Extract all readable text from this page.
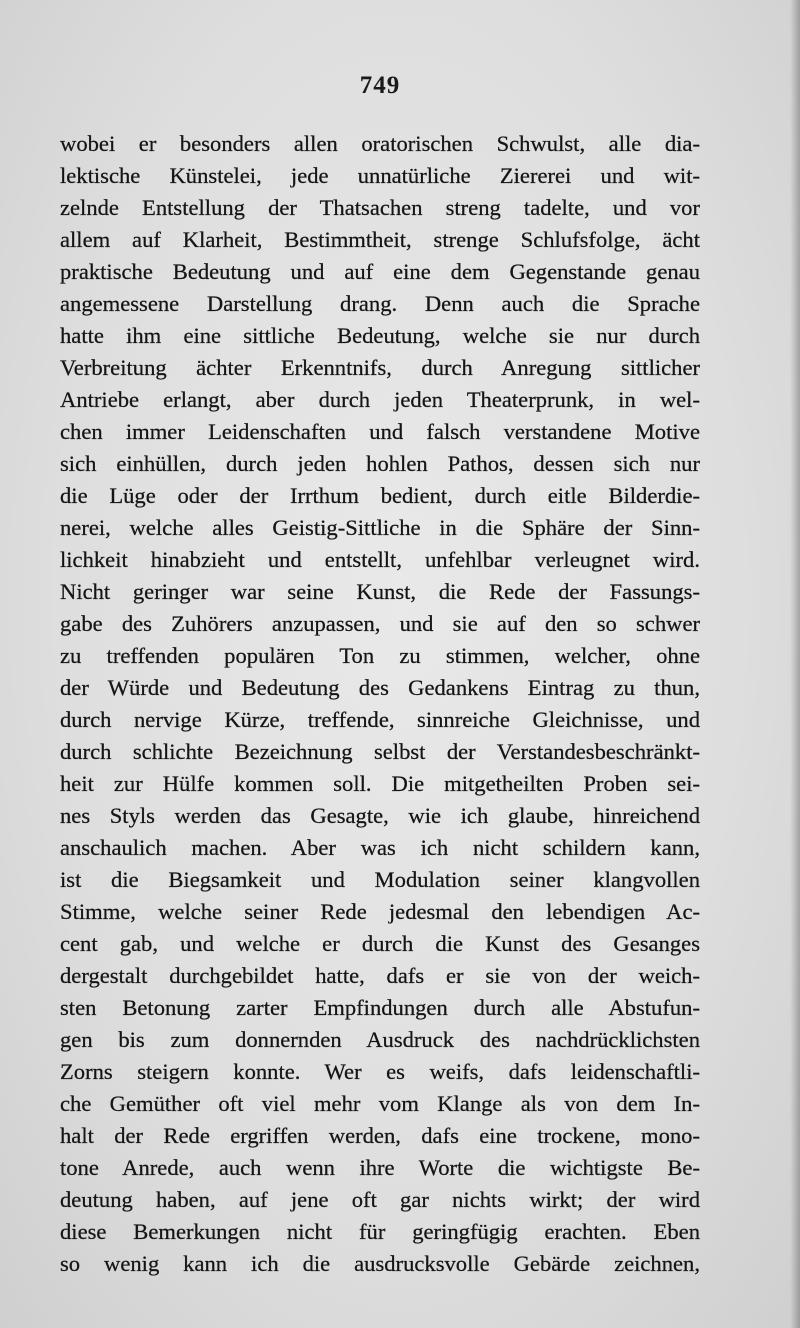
749
wobei er besonders allen oratorischen Schwulst, alle dia-
lektische Künstelei, jede unnatürliche Ziererei und wit-
zelnde Entstellung der Thatsachen streng tadelte, und vor
allem auf Klarheit, Bestimmtheit, strenge Schlufsfolge, ächt
praktische Bedeutung und auf eine dem Gegenstande genau
angemessene Darstellung drang. Denn auch die Sprache
hatte ihm eine sittliche Bedeutung, welche sie nur durch
Verbreitung ächter Erkenntnifs, durch Anregung sittlicher
Antriebe erlangt, aber durch jeden Theaterprunk, in wel-
chen immer Leidenschaften und falsch verstandene Motive
sich einhüllen, durch jeden hohlen Pathos, dessen sich nur
die Lüge oder der Irrthum bedient, durch eitle Bilderdie-
nerei, welche alles Geistig-Sittliche in die Sphäre der Sinn-
lichkeit hinabzieht und entstellt, unfehlbar verleugnet wird.
Nicht geringer war seine Kunst, die Rede der Fassungs-
gabe des Zuhörers anzupassen, und sie auf den so schwer
zu treffenden populären Ton zu stimmen, welcher, ohne
der Würde und Bedeutung des Gedankens Eintrag zu thun,
durch nervige Kürze, treffende, sinnreiche Gleichnisse, und
durch schlichte Bezeichnung selbst der Verstandesbeschränkt-
heit zur Hülfe kommen soll. Die mitgetheilten Proben sei-
nes Styls werden das Gesagte, wie ich glaube, hinreichend
anschaulich machen. Aber was ich nicht schildern kann,
ist die Biegsamkeit und Modulation seiner klangvollen
Stimme, welche seiner Rede jedesmal den lebendigen Ac-
cent gab, und welche er durch die Kunst des Gesanges
dergestalt durchgebildet hatte, dafs er sie von der weich-
sten Betonung zarter Empfindungen durch alle Abstufun-
gen bis zum donnernden Ausdruck des nachdrücklichsten
Zorns steigern konnte. Wer es weifs, dafs leidenschaftli-
che Gemüther oft viel mehr vom Klange als von dem In-
halt der Rede ergriffen werden, dafs eine trockene, mono-
tone Anrede, auch wenn ihre Worte die wichtigste Be-
deutung haben, auf jene oft gar nichts wirkt; der wird
diese Bemerkungen nicht für geringfügig erachten. Eben
so wenig kann ich die ausdrucksvolle Gebärde zeichnen,
